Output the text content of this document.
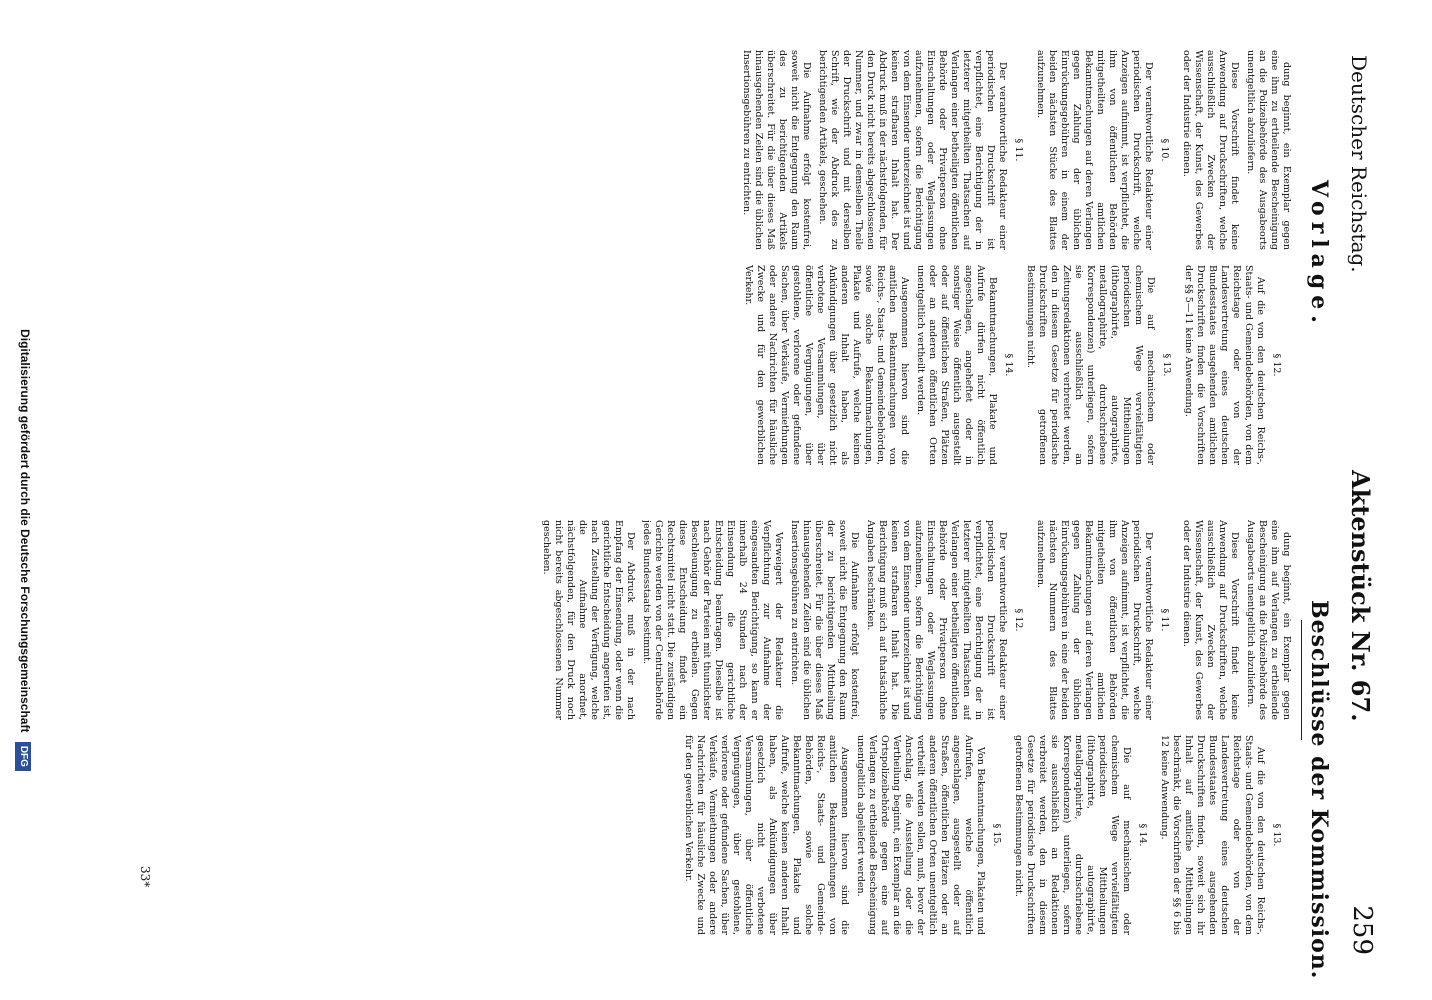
Deutscher Reichstag.
Aktenstück Nr. 67.
259
Vorlage.
Beschlüsse der Kommission.

dung beginnt, ein Exemplar gegen eine ihm zu ertheilende Bescheinigung an die Polizeibehörde des Ausgabeorts unentgeltlich abzuliefern.

Diese Vorschrift findet keine Anwendung auf Druckschriften, welche ausschließlich Zwecken der Wissenschaft, der Kunst, des Gewerbes oder der Industrie dienen.

§ 10.

Der verantwortliche Redakteur einer periodischen Druckschrift, welche Anzeigen aufnimmt, ist verpflichtet, die ihm von öffentlichen Behörden mitgetheilten amtlichen Bekanntmachungen auf deren Verlangen gegen Zahlung der üblichen Einrückungsgebühren in einem der beiden nächsten Stücke des Blattes aufzunehmen.

§ 11.

Der verantwortliche Redakteur einer periodischen Druckschrift ist verpflichtet, eine Berichtigung der in letzterer mitgetheilten Thatsachen auf Verlangen einer betheiligten öffentlichen Behörde oder Privatperson ohne Einschaltungen oder Weglassungen aufzunehmen, sofern die Berichtigung von dem Einsender unterzeichnet ist und keinen strafbaren Inhalt hat. Der Abdruck muß in der nächstfolgenden, für den Druck nicht bereits abgeschlossenen Nummer, und zwar in demselben Theile der Druckschrift und mit derselben Schrift, wie der Abdruck des zu berichtigenden Artikels, geschehen.

Die Aufnahme erfolgt kostenfrei, soweit nicht die Entgegnung den Raum des zu berichtigenden Artikels überschreitet. Für die über dieses Maß hinausgehenden Zeilen sind die üblichen Insertionsgebühren zu entrichten.

§ 12.

Auf die von den deutschen Reichs-, Staats- und Gemeindebehörden, von dem Reichstage oder von der Landesvertretung eines deutschen Bundesstaates ausgehenden amtlichen Druckschriften finden die Vorschriften der §§ 5—11 keine Anwendung.

§ 13.

Die auf mechanischem oder chemischem Wege vervielfältigten periodischen Mittheilungen (lithographirte, autographirte, metallographirte, durchschriebene Korrespondenzen) unterliegen, sofern sie ausschließlich an Zeitungsredaktionen verbreitet werden, den in diesem Gesetze für periodische Druckschriften getroffenen Bestimmungen nicht.

§ 14.

Bekanntmachungen, Plakate und Aufrufe dürfen nicht öffentlich angeschlagen, angeheftet oder in sonstiger Weise öffentlich ausgestellt oder auf öffentlichen Straßen, Plätzen oder an anderen öffentlichen Orten unentgeltlich vertheilt werden.

Ausgenommen hiervon sind die amtlichen Bekanntmachungen von Reichs-, Staats- und Gemeindebehörden, sowie solche Bekanntmachungen, Plakate und Aufrufe, welche keinen anderen Inhalt haben, als Ankündigungen über gesetzlich nicht verbotene Versammlungen, über öffentliche Vergnügungen, über gestohlene, verlorene oder gefundene Sachen, über Verkäufe, Vermiethungen oder andere Nachrichten für häusliche Zwecke und für den gewerblichen Verkehr.

dung beginnt, ein Exemplar gegen eine ihm auf Verlangen zu ertheilende Bescheinigung an die Polizeibehörde des Ausgabeorts unentgeltlich abzuliefern.

Diese Vorschrift findet keine Anwendung auf Druckschriften, welche ausschließlich Zwecken der Wissenschaft, der Kunst, des Gewerbes oder der Industrie dienen.

§ 11.

Der verantwortliche Redakteur einer periodischen Druckschrift, welche Anzeigen aufnimmt, ist verpflichtet, die ihm von öffentlichen Behörden mitgetheilten amtlichen Bekanntmachungen auf deren Verlangen gegen Zahlung der üblichen Einrückungsgebühren in eine der beiden nächsten Nummern des Blattes aufzunehmen.

§ 12.

Der verantwortliche Redakteur einer periodischen Druckschrift ist verpflichtet, eine Berichtigung der in letzterer mitgetheilten Thatsachen auf Verlangen einer betheiligten öffentlichen Behörde oder Privatperson ohne Einschaltungen oder Weglassungen aufzunehmen, sofern die Berichtigung von dem Einsender unterzeichnet ist und keinen strafbaren Inhalt hat. Die Berichtigung muß sich auf thatsächliche Angaben beschränken.

Die Aufnahme erfolgt kostenfrei, soweit nicht die Entgegnung den Raum der zu berichtigenden Mittheilung überschreitet. Für die über dieses Maß hinausgehenden Zeilen sind die üblichen Insertionsgebühren zu entrichten.

Verweigert der Redakteur die Verpflichtung zur Aufnahme der eingesandten Berichtigung, so kann er innerhalb 24 Stunden nach der Einsendung die gerichtliche Entscheidung beantragen. Dieselbe ist nach Gehör der Parteien mit thunlichster Beschleunigung zu ertheilen. Gegen diese Entscheidung findet ein Rechtsmittel nicht statt. Die zuständigen Gerichte werden von der Centralbehörde jedes Bundesstaats bestimmt.

Der Abdruck muß in der nach Empfang der Einsendung, oder wenn die gerichtliche Entscheidung angerufen ist, nach Zustellung der Verfügung, welche die Aufnahme anordnet, nächstfolgenden, für den Druck noch nicht bereits abgeschlossenen Nummer geschehen.

§ 13.

Auf die von den deutschen Reichs-, Staats- und Gemeindebehörden, von dem Reichstage oder von der Landesvertretung eines deutschen Bundesstaates ausgehenden Druckschriften finden, soweit sich ihr Inhalt auf amtliche Mittheilungen beschränkt, die Vorschriften der §§ 6 bis 12 keine Anwendung.

§ 14.

Die auf mechanischem oder chemischem Wege vervielfältigten periodischen Mittheilungen (lithographirte, autographirte, metallographirte, durchschriebene Korrespondenzen) unterliegen, sofern sie ausschließlich an Redaktionen verbreitet werden, den in diesem Gesetze für periodische Druckschriften getroffenen Bestimmungen nicht.

§ 15.

Von Bekanntmachungen, Plakaten und Aufrufen, welche öffentlich angeschlagen, ausgestellt oder auf Straßen, öffentlichen Plätzen oder an anderen öffentlichen Orten unentgeltlich vertheilt werden sollen, muß, bevor der Anschlag, die Ausstellung oder die Vertheilung beginnt, ein Exemplar an die Ortspolizeibehörde gegen eine auf Verlangen zu ertheilende Bescheinigung unentgeltlich abgeliefert werden.

Ausgenommen hiervon sind die amtlichen Bekanntmachungen von Reichs-, Staats- und Gemeinde-Behörden, sowie solche Bekanntmachungen, Plakate und Aufrufe, welche keinen anderen Inhalt haben, als Ankündigungen über gesetzlich nicht verbotene Versammlungen, über öffentliche Vergnügungen, über gestohlene, verlorene oder gefundene Sachen, über Verkäufe, Vermiethungen oder andere Nachrichten für häusliche Zwecke und für den gewerblichen Verkehr.

33*
Digitalisierung gefördert durch die Deutsche Forschungsgemeinschaft DFG
